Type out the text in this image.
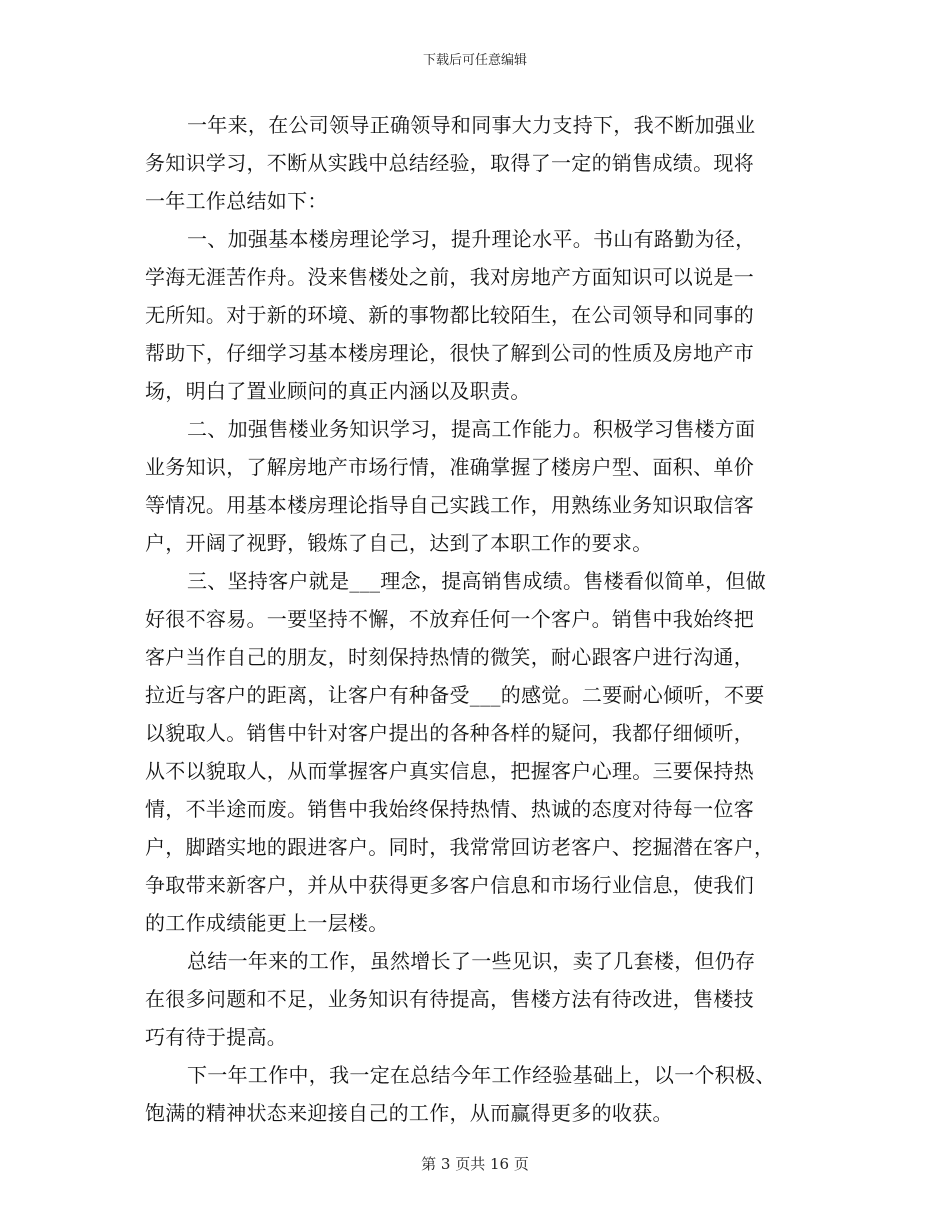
下载后可任意编辑
一年来，在公司领导正确领导和同事大力支持下，我不断加强业
务知识学习，不断从实践中总结经验，取得了一定的销售成绩。现将
一年工作总结如下：
一、加强基本楼房理论学习，提升理论水平。书山有路勤为径，
学海无涯苦作舟。没来售楼处之前，我对房地产方面知识可以说是一
无所知。对于新的环境、新的事物都比较陌生，在公司领导和同事的
帮助下，仔细学习基本楼房理论，很快了解到公司的性质及房地产市
场，明白了置业顾问的真正内涵以及职责。
二、加强售楼业务知识学习，提高工作能力。积极学习售楼方面
业务知识，了解房地产市场行情，准确掌握了楼房户型、面积、单价
等情况。用基本楼房理论指导自己实践工作，用熟练业务知识取信客
户，开阔了视野，锻炼了自己，达到了本职工作的要求。
三、坚持客户就是___理念，提高销售成绩。售楼看似简单，但做
好很不容易。一要坚持不懈，不放弃任何一个客户。销售中我始终把
客户当作自己的朋友，时刻保持热情的微笑，耐心跟客户进行沟通，
拉近与客户的距离，让客户有种备受___的感觉。二要耐心倾听，不要
以貌取人。销售中针对客户提出的各种各样的疑问，我都仔细倾听，
从不以貌取人，从而掌握客户真实信息，把握客户心理。三要保持热
情，不半途而废。销售中我始终保持热情、热诚的态度对待每一位客
户，脚踏实地的跟进客户。同时，我常常回访老客户、挖掘潜在客户，
争取带来新客户，并从中获得更多客户信息和市场行业信息，使我们
的工作成绩能更上一层楼。
总结一年来的工作，虽然增长了一些见识，卖了几套楼，但仍存
在很多问题和不足，业务知识有待提高，售楼方法有待改进，售楼技
巧有待于提高。
下一年工作中，我一定在总结今年工作经验基础上，以一个积极、
饱满的精神状态来迎接自己的工作，从而赢得更多的收获。
第 3 页共 16 页
